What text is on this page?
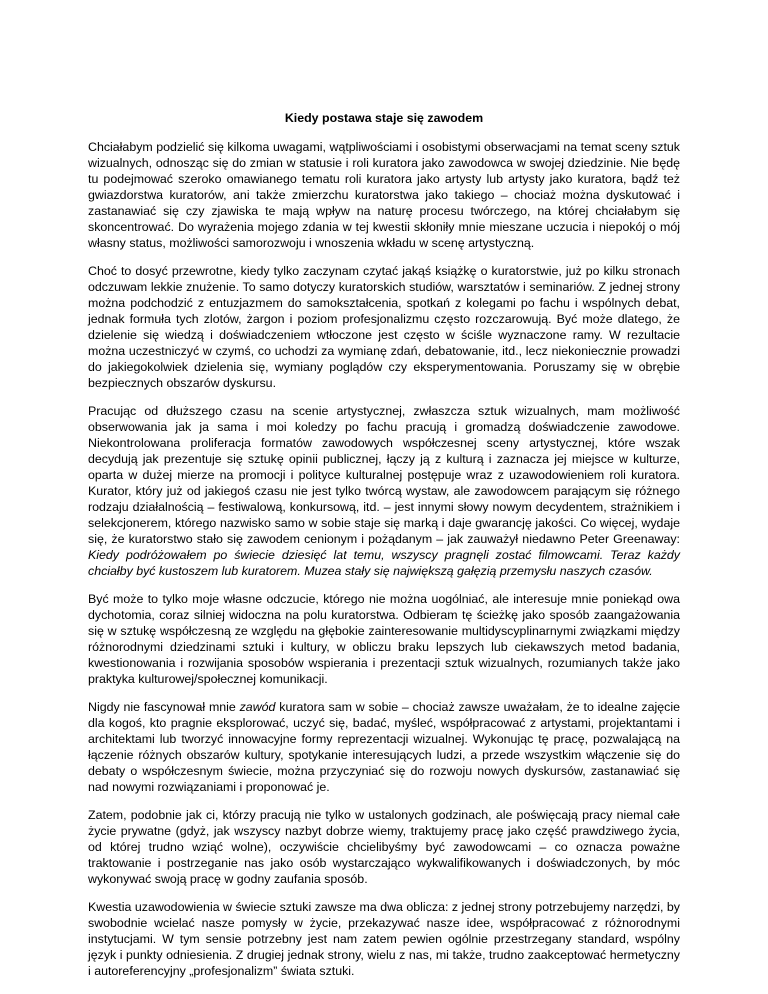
Kiedy postawa staje się zawodem

Chciałabym podzielić się kilkoma uwagami, wątpliwościami i osobistymi obserwacjami na temat sceny sztuk wizualnych, odnosząc się do zmian w statusie i roli kuratora jako zawodowca w swojej dziedzinie. Nie będę tu podejmować szeroko omawianego tematu roli kuratora jako artysty lub artysty jako kuratora, bądź też gwiazdorstwa kuratorów, ani także zmierzchu kuratorstwa jako takiego – chociaż można dyskutować i zastanawiać się czy zjawiska te mają wpływ na naturę procesu twórczego, na której chciałabym się skoncentrować. Do wyrażenia mojego zdania w tej kwestii skłoniły mnie mieszane uczucia i niepokój o mój własny status, możliwości samorozwoju i wnoszenia wkładu w scenę artystyczną.

Choć to dosyć przewrotne, kiedy tylko zaczynam czytać jakąś książkę o kuratorstwie, już po kilku stronach odczuwam lekkie znużenie. To samo dotyczy kuratorskich studiów, warsztatów i seminariów. Z jednej strony można podchodzić z entuzjazmem do samokształcenia, spotkań z kolegami po fachu i wspólnych debat, jednak formuła tych zlotów, żargon i poziom profesjonalizmu często rozczarowują. Być może dlatego, że dzielenie się wiedzą i doświadczeniem wtłoczone jest często w ściśle wyznaczone ramy. W rezultacie można uczestniczyć w czymś, co uchodzi za wymianę zdań, debatowanie, itd., lecz niekoniecznie prowadzi do jakiegokolwiek dzielenia się, wymiany poglądów czy eksperymentowania. Poruszamy się w obrębie bezpiecznych obszarów dyskursu.

Pracując od dłuższego czasu na scenie artystycznej, zwłaszcza sztuk wizualnych, mam możliwość obserwowania jak ja sama i moi koledzy po fachu pracują i gromadzą doświadczenie zawodowe. Niekontrolowana proliferacja formatów zawodowych współczesnej sceny artystycznej, które wszak decydują jak prezentuje się sztukę opinii publicznej, łączy ją z kulturą i zaznacza jej miejsce w kulturze, oparta w dużej mierze na promocji i polityce kulturalnej postępuje wraz z uzawodowieniem roli kuratora. Kurator, który już od jakiegoś czasu nie jest tylko twórcą wystaw, ale zawodowcem parającym się różnego rodzaju działalnością – festiwalową, konkursową, itd. – jest innymi słowy nowym decydentem, strażnikiem i selekcjonerem, którego nazwisko samo w sobie staje się marką i daje gwarancję jakości. Co więcej, wydaje się, że kuratorstwo stało się zawodem cenionym i pożądanym – jak zauważył niedawno Peter Greenaway: Kiedy podróżowałem po świecie dziesięć lat temu, wszyscy pragnęli zostać filmowcami. Teraz każdy chciałby być kustoszem lub kuratorem. Muzea stały się największą gałęzią przemysłu naszych czasów.

Być może to tylko moje własne odczucie, którego nie można uogólniać, ale interesuje mnie poniekąd owa dychotomia, coraz silniej widoczna na polu kuratorstwa. Odbieram tę ścieżkę jako sposób zaangażowania się w sztukę współczesną ze względu na głębokie zainteresowanie multidyscyplinarnymi związkami między różnorodnymi dziedzinami sztuki i kultury, w obliczu braku lepszych lub ciekawszych metod badania, kwestionowania i rozwijania sposobów wspierania i prezentacji sztuk wizualnych, rozumianych także jako praktyka kulturowej/społecznej komunikacji.

Nigdy nie fascynował mnie zawód kuratora sam w sobie – chociaż zawsze uważałam, że to idealne zajęcie dla kogoś, kto pragnie eksplorować, uczyć się, badać, myśleć, współpracować z artystami, projektantami i architektami lub tworzyć innowacyjne formy reprezentacji wizualnej. Wykonując tę pracę, pozwalającą na łączenie różnych obszarów kultury, spotykanie interesujących ludzi, a przede wszystkim włączenie się do debaty o współczesnym świecie, można przyczyniać się do rozwoju nowych dyskursów, zastanawiać się nad nowymi rozwiązaniami i proponować je.

Zatem, podobnie jak ci, którzy pracują nie tylko w ustalonych godzinach, ale poświęcają pracy niemal całe życie prywatne (gdyż, jak wszyscy nazbyt dobrze wiemy, traktujemy pracę jako część prawdziwego życia, od której trudno wziąć wolne), oczywiście chcielibyśmy być zawodowcami – co oznacza poważne traktowanie i postrzeganie nas jako osób wystarczająco wykwalifikowanych i doświadczonych, by móc wykonywać swoją pracę w godny zaufania sposób.

Kwestia uzawodowienia w świecie sztuki zawsze ma dwa oblicza: z jednej strony potrzebujemy narzędzi, by swobodnie wcielać nasze pomysły w życie, przekazywać nasze idee, współpracować z różnorodnymi instytucjami. W tym sensie potrzebny jest nam zatem pewien ogólnie przestrzegany standard, wspólny język i punkty odniesienia. Z drugiej jednak strony, wielu z nas, mi także, trudno zaakceptować hermetyczny i autoreferencyjny „profesjonalizm” świata sztuki.
